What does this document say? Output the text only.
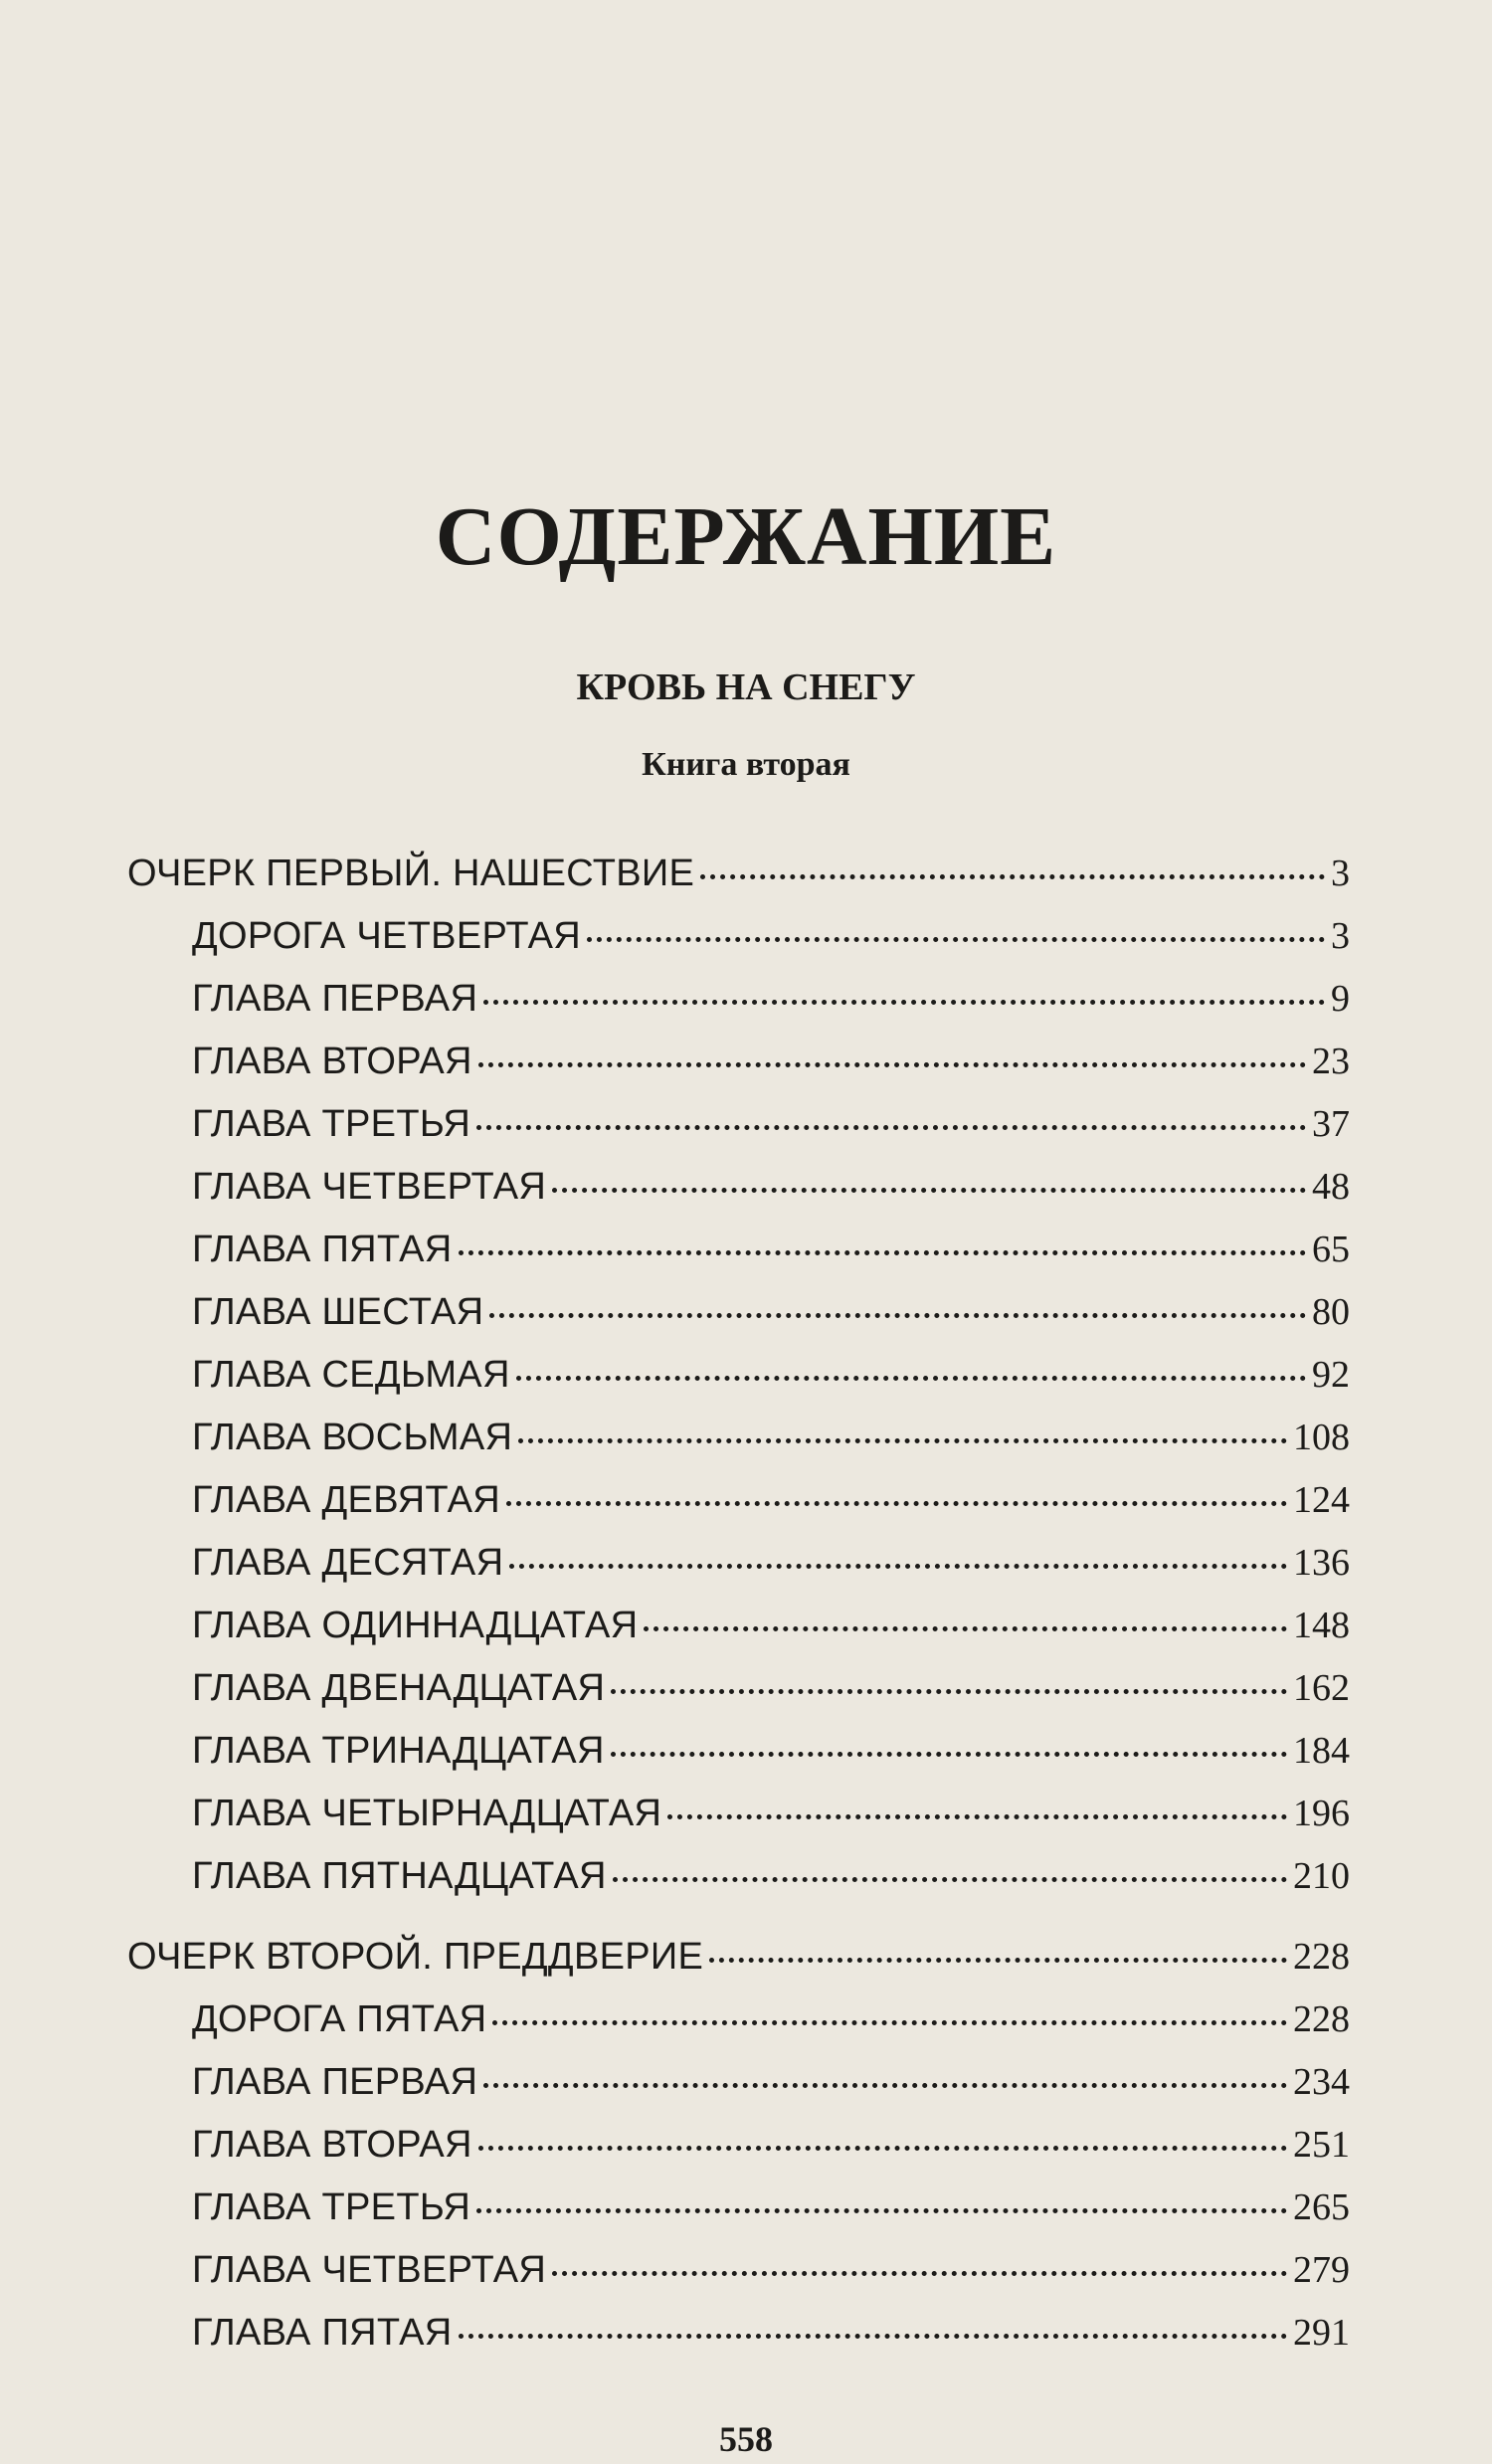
СОДЕРЖАНИЕ
КРОВЬ НА СНЕГУ
Книга вторая
ОЧЕРК ПЕРВЫЙ. НАШЕСТВИЕ	3
ДОРОГА ЧЕТВЕРТАЯ	3
ГЛАВА ПЕРВАЯ	9
ГЛАВА ВТОРАЯ	23
ГЛАВА ТРЕТЬЯ	37
ГЛАВА ЧЕТВЕРТАЯ	48
ГЛАВА ПЯТАЯ	65
ГЛАВА ШЕСТАЯ	80
ГЛАВА СЕДЬМАЯ	92
ГЛАВА ВОСЬМАЯ	108
ГЛАВА ДЕВЯТАЯ	124
ГЛАВА ДЕСЯТАЯ	136
ГЛАВА ОДИННАДЦАТАЯ	148
ГЛАВА ДВЕНАДЦАТАЯ	162
ГЛАВА ТРИНАДЦАТАЯ	184
ГЛАВА ЧЕТЫРНАДЦАТАЯ	196
ГЛАВА ПЯТНАДЦАТАЯ	210
ОЧЕРК ВТОРОЙ. ПРЕДДВЕРИЕ	228
ДОРОГА ПЯТАЯ	228
ГЛАВА ПЕРВАЯ	234
ГЛАВА ВТОРАЯ	251
ГЛАВА ТРЕТЬЯ	265
ГЛАВА ЧЕТВЕРТАЯ	279
ГЛАВА ПЯТАЯ	291
558
